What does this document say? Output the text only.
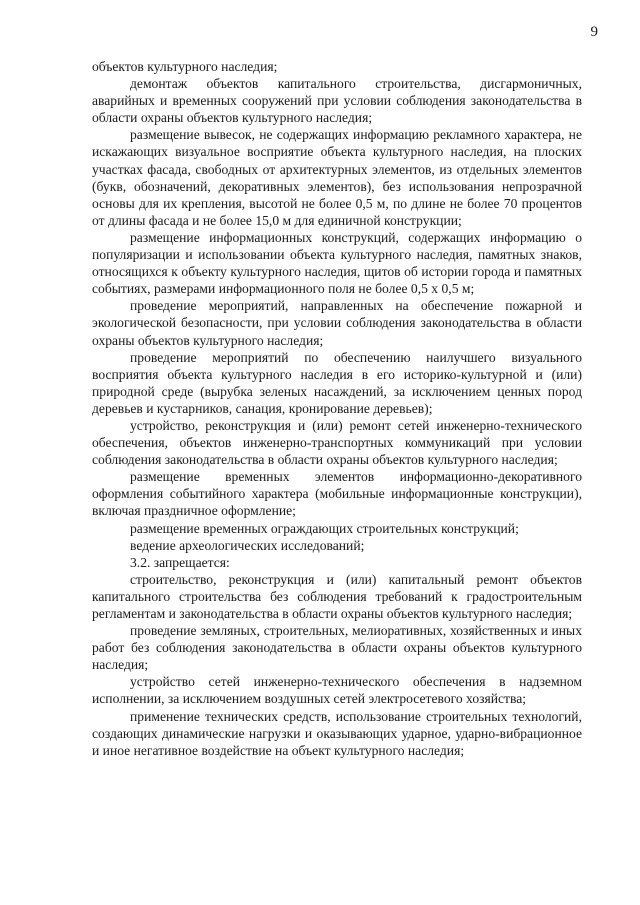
9

объектов культурного наследия;

демонтаж объектов капитального строительства, дисгармоничных, аварийных и временных сооружений при условии соблюдения законодательства в области охраны объектов культурного наследия;

размещение вывесок, не содержащих информацию рекламного характера, не искажающих визуальное восприятие объекта культурного наследия, на плоских участках фасада, свободных от архитектурных элементов, из отдельных элементов (букв, обозначений, декоративных элементов), без использования непрозрачной основы для их крепления, высотой не более 0,5 м, по длине не более 70 процентов от длины фасада и не более 15,0 м для единичной конструкции;

размещение информационных конструкций, содержащих информацию о популяризации и использовании объекта культурного наследия, памятных знаков, относящихся к объекту культурного наследия, щитов об истории города и памятных событиях, размерами информационного поля не более 0,5 х 0,5 м;

проведение мероприятий, направленных на обеспечение пожарной и экологической безопасности, при условии соблюдения законодательства в области охраны объектов культурного наследия;

проведение мероприятий по обеспечению наилучшего визуального восприятия объекта культурного наследия в его историко-культурной и (или) природной среде (вырубка зеленых насаждений, за исключением ценных пород деревьев и кустарников, санация, кронирование деревьев);

устройство, реконструкция и (или) ремонт сетей инженерно-технического обеспечения, объектов инженерно-транспортных коммуникаций при условии соблюдения законодательства в области охраны объектов культурного наследия;

размещение временных элементов информационно-декоративного оформления событийного характера (мобильные информационные конструкции), включая праздничное оформление;

размещение временных ограждающих строительных конструкций;

ведение археологических исследований;

3.2. запрещается:

строительство, реконструкция и (или) капитальный ремонт объектов капитального строительства без соблюдения требований к градостроительным регламентам и законодательства в области охраны объектов культурного наследия;

проведение земляных, строительных, мелиоративных, хозяйственных и иных работ без соблюдения законодательства в области охраны объектов культурного наследия;

устройство сетей инженерно-технического обеспечения в надземном исполнении, за исключением воздушных сетей электросетевого хозяйства;

применение технических средств, использование строительных технологий, создающих динамические нагрузки и оказывающих ударное, ударно-вибрационное и иное негативное воздействие на объект культурного наследия;
